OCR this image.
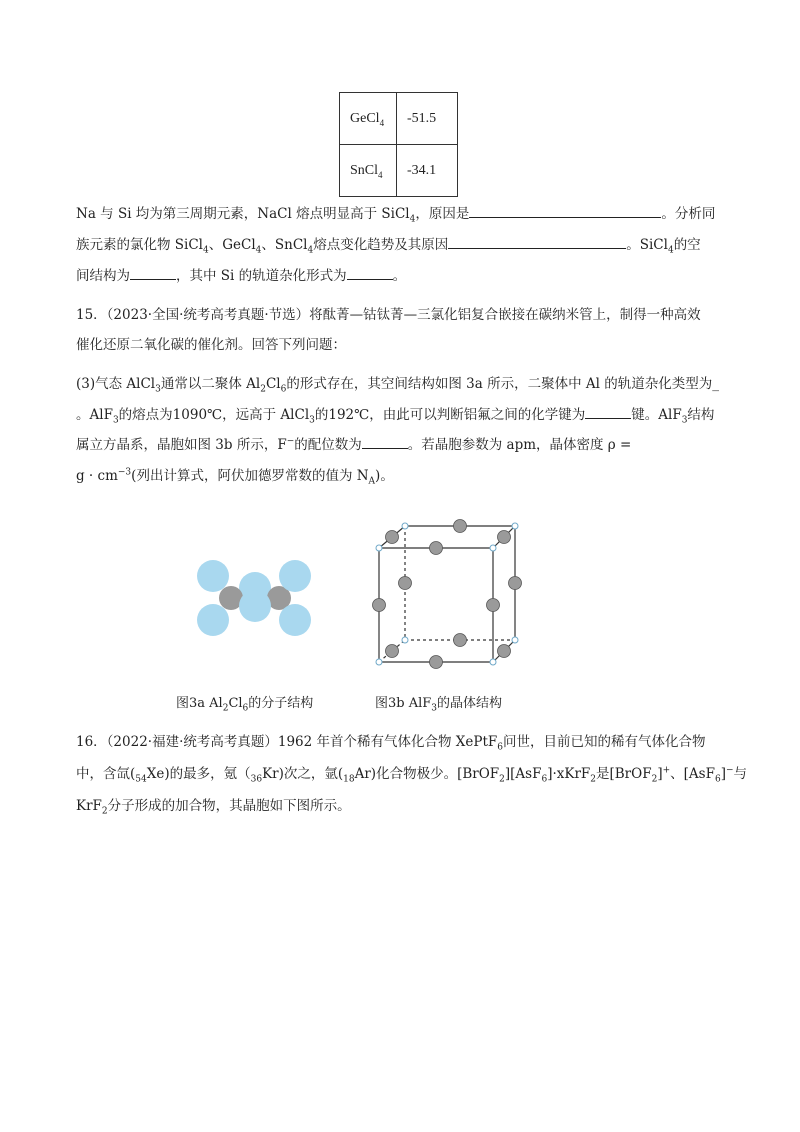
GeCl$_4$	-51.5
SnCl$_4$	-34.1
Na 与 Si 均为第三周期元素，NaCl 熔点明显高于 SiCl$_4$，原因是	。分析同
族元素的氯化物 SiCl$_4$、GeCl$_4$、SnCl$_4$熔点变化趋势及其原因	。SiCl$_4$的空
间结构为	，其中 Si 的轨道杂化形式为	。
15．（2023·全国·统考高考真题·节选）将酞菁—钴钛菁—三氯化铝复合嵌接在碳纳米管上，制得一种高效
催化还原二氧化碳的催化剂。回答下列问题：
(3)气态 AlCl$_3$通常以二聚体 $Al_2Cl_6$的形式存在，其空间结构如图 3a 所示，二聚体中 Al 的轨道杂化类型为_
。AlF$_3$的熔点为1090℃，远高于 AlCl$_3$的192℃，由此可以判断铝氟之间的化学键为	键。AlF$_3$结构
属立方晶系，晶胞如图 3b 所示，F−的配位数为	。若晶胞参数为 apm，晶体密度 ρ =
$g \cdot cm^{-3}$(列出计算式，阿伏加德罗常数的值为 $N_A$)。
图3a $Al_2Cl_6$的分子结构	图3b AlF$_3$的晶体结构
16．（2022·福建·统考高考真题）1962 年首个稀有气体化合物 XePtF$_6$问世，目前已知的稀有气体化合物
中，含氙$(_{54}Xe)$的最多，氪$(_{36}Kr)$次之，氩$(_{18}Ar)$化合物极少。[BrOF$_2$][AsF$_6$]·xKrF$_2$是[BrOF$_2$]+、[AsF$_6$]−与
KrF$_2$分子形成的加合物，其晶胞如下图所示。
